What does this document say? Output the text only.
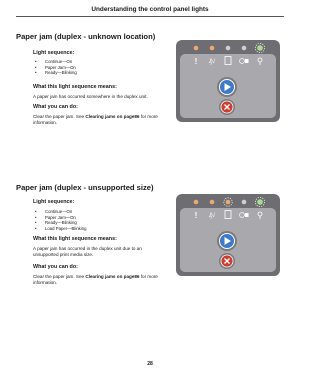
Understanding the control panel lights
Paper jam (duplex - unknown location)
Light sequence:
• Continue—On
• Paper Jam—On
• Ready—Blinking
What this light sequence means:
A paper jam has occurred somewhere in the duplex unit.
What you can do:
Clear the paper jam. See Clearing jams on page86 for more information.
! ₰√
Paper jam (duplex - unsupported size)
Light sequence:
• Continue—On
• Paper Jam—On
• Ready—Blinking
• Load Paper—Blinking
What this light sequence means:
A paper jam has occurred in the duplex unit due to an unsupported print media size.
What you can do:
Clear the paper jam. See Clearing jams on page86 for more information.
! ₰√
28
